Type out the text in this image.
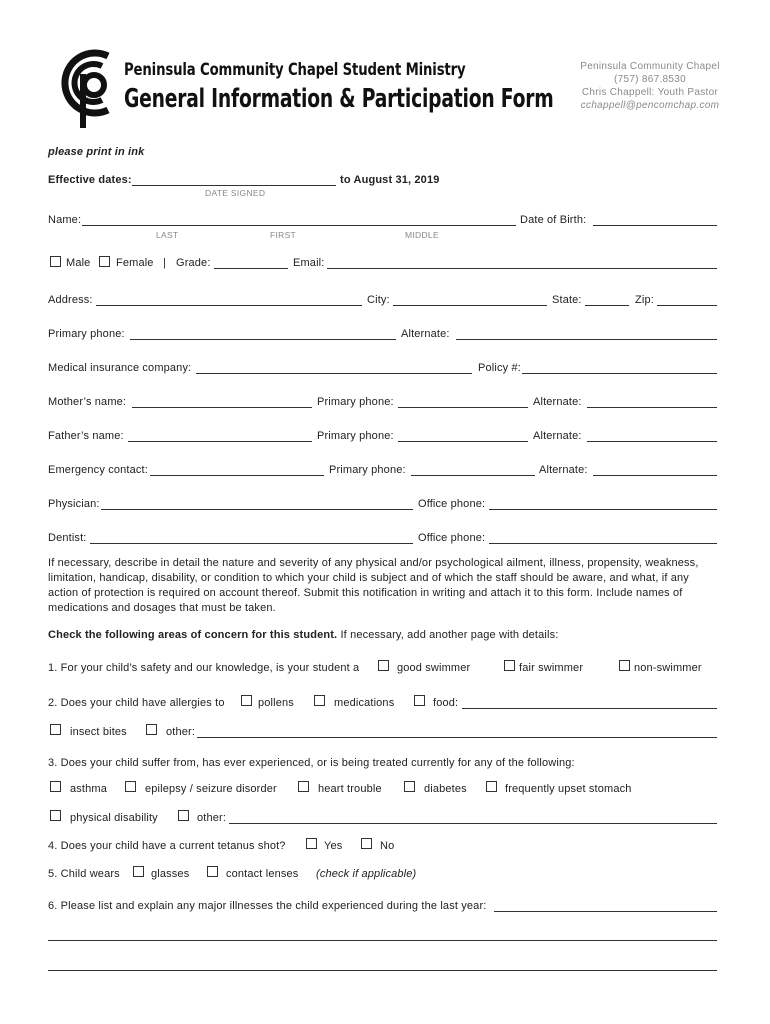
Peninsula Community Chapel Student Ministry
General Information & Participation Form
Peninsula Community Chapel
(757) 867.8530
Chris Chappell: Youth Pastor
cchappell@pencomchap.com
please print in ink
Effective dates:	to August 31, 2019
DATE SIGNED
Name:	Date of Birth:
LAST	FIRST	MIDDLE
Male Female | Grade:	Email:
Address:	City:	State:	Zip:
Primary phone:	Alternate:
Medical insurance company:	Policy #:
Mother’s name:	Primary phone:	Alternate:
Father’s name:	Primary phone:	Alternate:
Emergency contact:	Primary phone:	Alternate:
Physician:	Office phone:
Dentist:	Office phone:
If necessary, describe in detail the nature and severity of any physical and/or psychological ailment, illness, propensity, weakness, limitation, handicap, disability, or condition to which your child is subject and of which the staff should be aware, and what, if any action of protection is required on account thereof. Submit this notification in writing and attach it to this form. Include names of medications and dosages that must be taken.
Check the following areas of concern for this student. If necessary, add another page with details:
1. For your child’s safety and our knowledge, is your student a	good swimmer	fair swimmer	non-swimmer
2. Does your child have allergies to	pollens	medications	food:
insect bites	other:
3. Does your child suffer from, has ever experienced, or is being treated currently for any of the following:
asthma	epilepsy / seizure disorder	heart trouble	diabetes	frequently upset stomach
physical disability	other:
4. Does your child have a current tetanus shot?	Yes	No
5. Child wears	glasses	contact lenses (check if applicable)
6. Please list and explain any major illnesses the child experienced during the last year:
